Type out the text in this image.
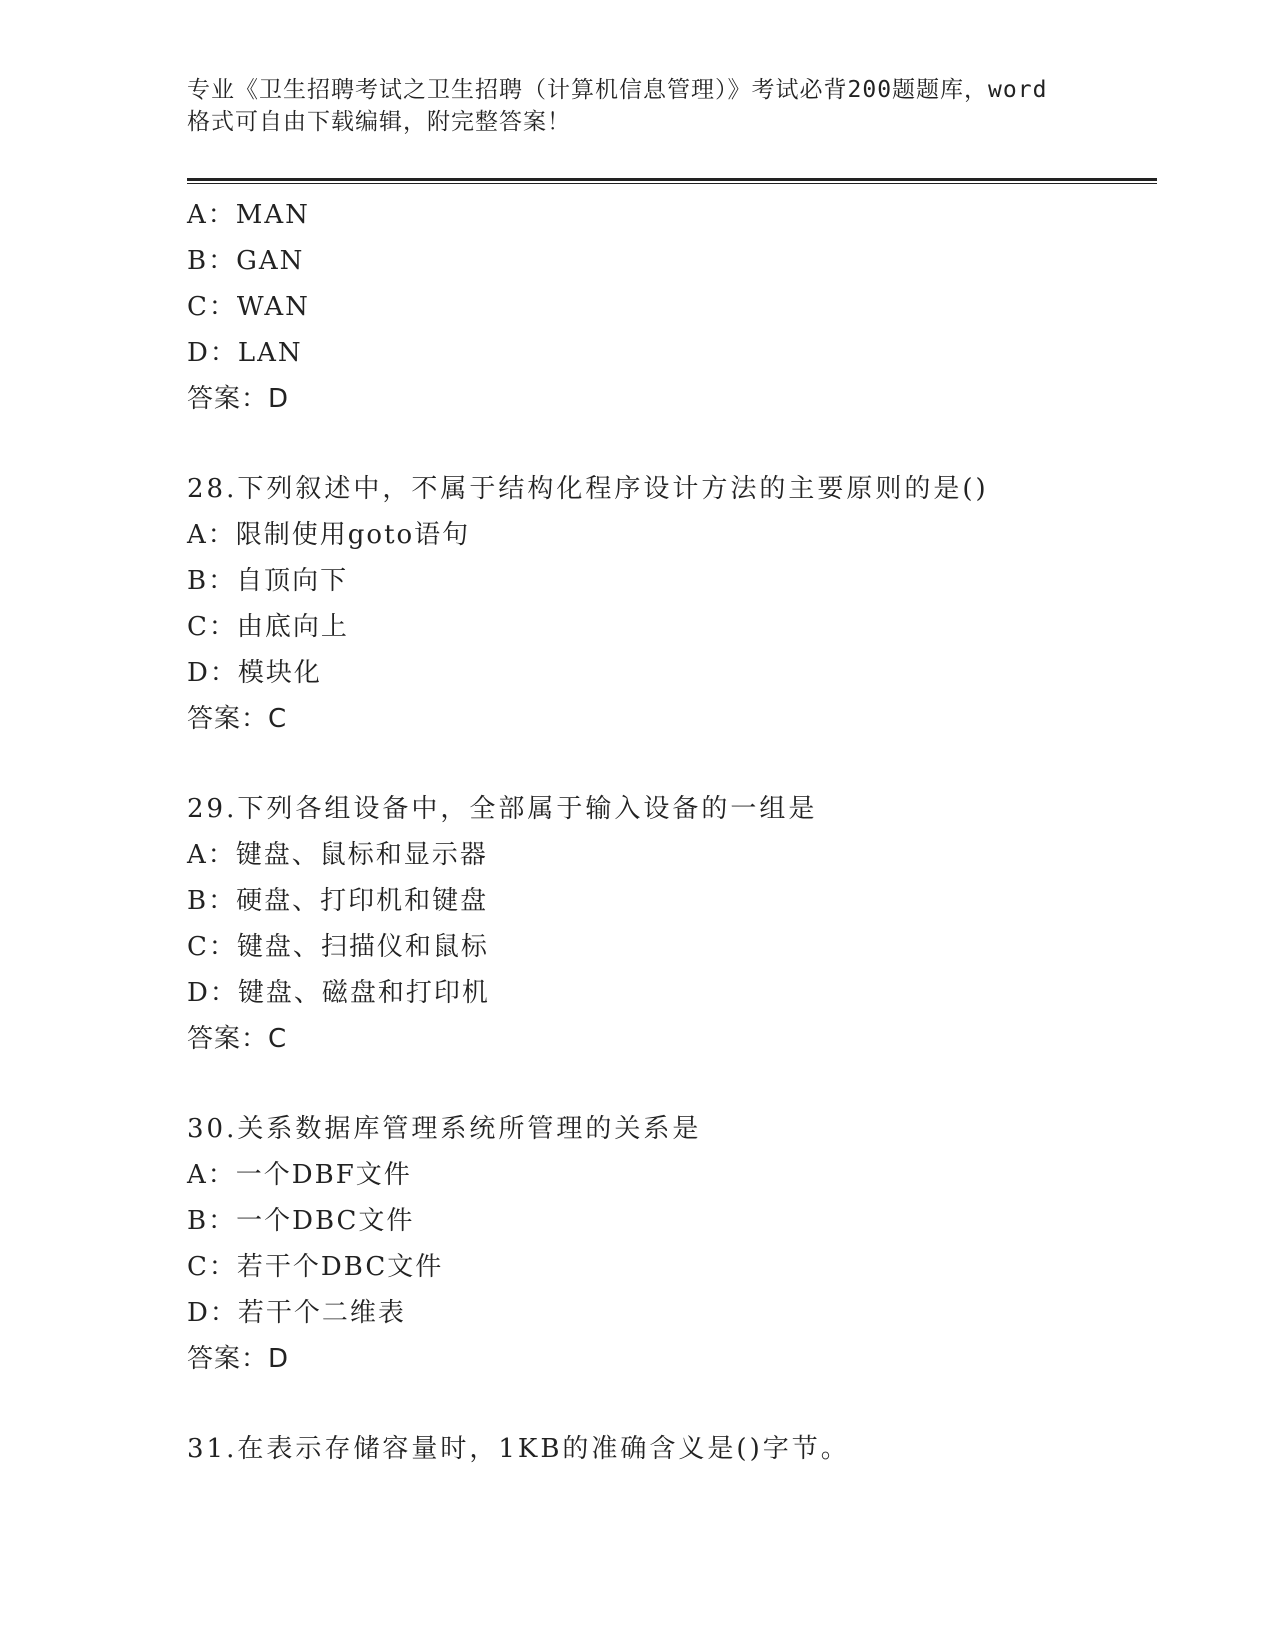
专业《卫生招聘考试之卫生招聘（计算机信息管理）》考试必背200题题库，word
格式可自由下载编辑，附完整答案！
A：MAN
B：GAN
C：WAN
D：LAN
答案：D
28.下列叙述中，不属于结构化程序设计方法的主要原则的是()
A：限制使用goto语句
B：自顶向下
C：由底向上
D：模块化
答案：C
29.下列各组设备中，全部属于输入设备的一组是
A：键盘、鼠标和显示器
B：硬盘、打印机和键盘
C：键盘、扫描仪和鼠标
D：键盘、磁盘和打印机
答案：C
30.关系数据库管理系统所管理的关系是
A：一个DBF文件
B：一个DBC文件
C：若干个DBC文件
D：若干个二维表
答案：D
31.在表示存储容量时，1KB的准确含义是()字节。
